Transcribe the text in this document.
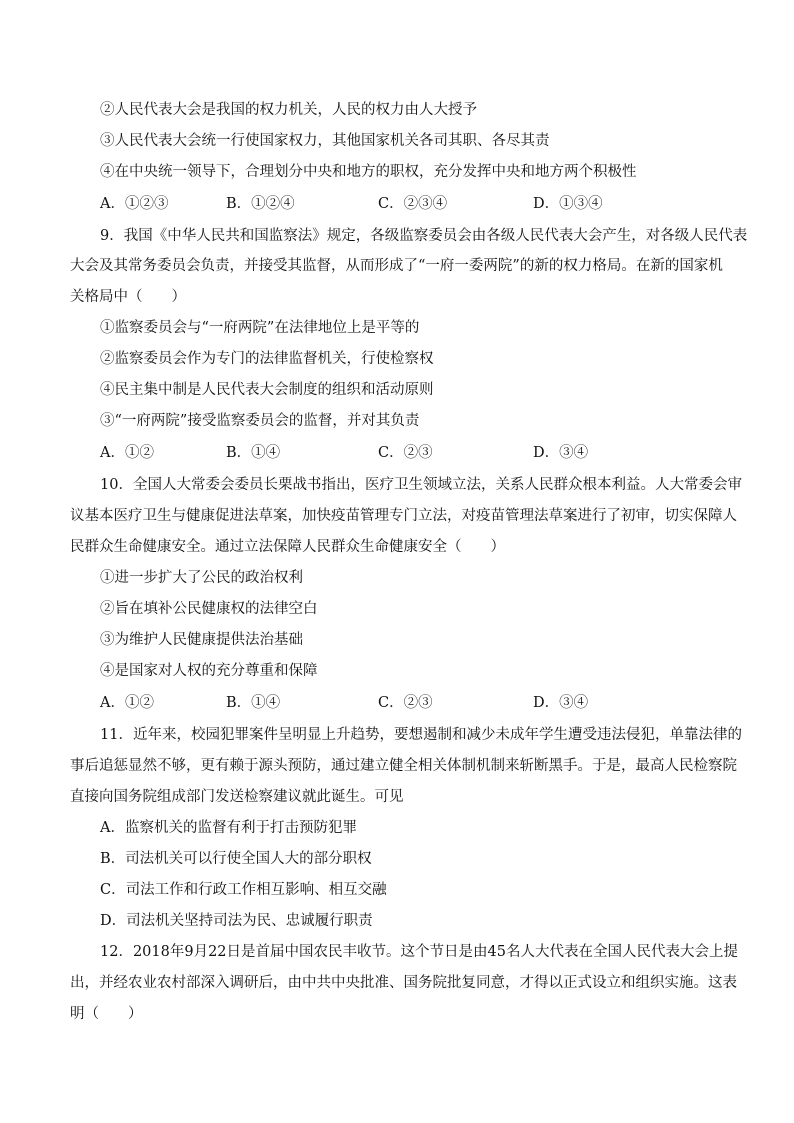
②人民代表大会是我国的权力机关，人民的权力由人大授予
③人民代表大会统一行使国家权力，其他国家机关各司其职、各尽其责
④在中央统一领导下，合理划分中央和地方的职权，充分发挥中央和地方两个积极性
A．①②③	B．①②④	C．②③④	D．①③④
9．我国《中华人民共和国监察法》规定，各级监察委员会由各级人民代表大会产生，对各级人民代表
大会及其常务委员会负责，并接受其监督，从而形成了“一府一委两院”的新的权力格局。在新的国家机
关格局中（　　）
①监察委员会与“一府两院”在法律地位上是平等的
②监察委员会作为专门的法律监督机关，行使检察权
④民主集中制是人民代表大会制度的组织和活动原则
③“一府两院”接受监察委员会的监督，并对其负责
A．①②	B．①④	C．②③	D．③④
10．全国人大常委会委员长栗战书指出，医疗卫生领域立法，关系人民群众根本利益。人大常委会审
议基本医疗卫生与健康促进法草案，加快疫苗管理专门立法，对疫苗管理法草案进行了初审，切实保障人
民群众生命健康安全。通过立法保障人民群众生命健康安全（　　）
①进一步扩大了公民的政治权利
②旨在填补公民健康权的法律空白
③为维护人民健康提供法治基础
④是国家对人权的充分尊重和保障
A．①②	B．①④	C．②③	D．③④
11．近年来，校园犯罪案件呈明显上升趋势，要想遏制和减少未成年学生遭受违法侵犯，单靠法律的
事后追惩显然不够，更有赖于源头预防，通过建立健全相关体制机制来斩断黑手。于是，最高人民检察院
直接向国务院组成部门发送检察建议就此诞生。可见
A．监察机关的监督有利于打击预防犯罪
B．司法机关可以行使全国人大的部分职权
C．司法工作和行政工作相互影响、相互交融
D．司法机关坚持司法为民、忠诚履行职责
12．2018年9月22日是首届中国农民丰收节。这个节日是由45名人大代表在全国人民代表大会上提
出，并经农业农村部深入调研后，由中共中央批准、国务院批复同意，才得以正式设立和组织实施。这表
明（　　）
